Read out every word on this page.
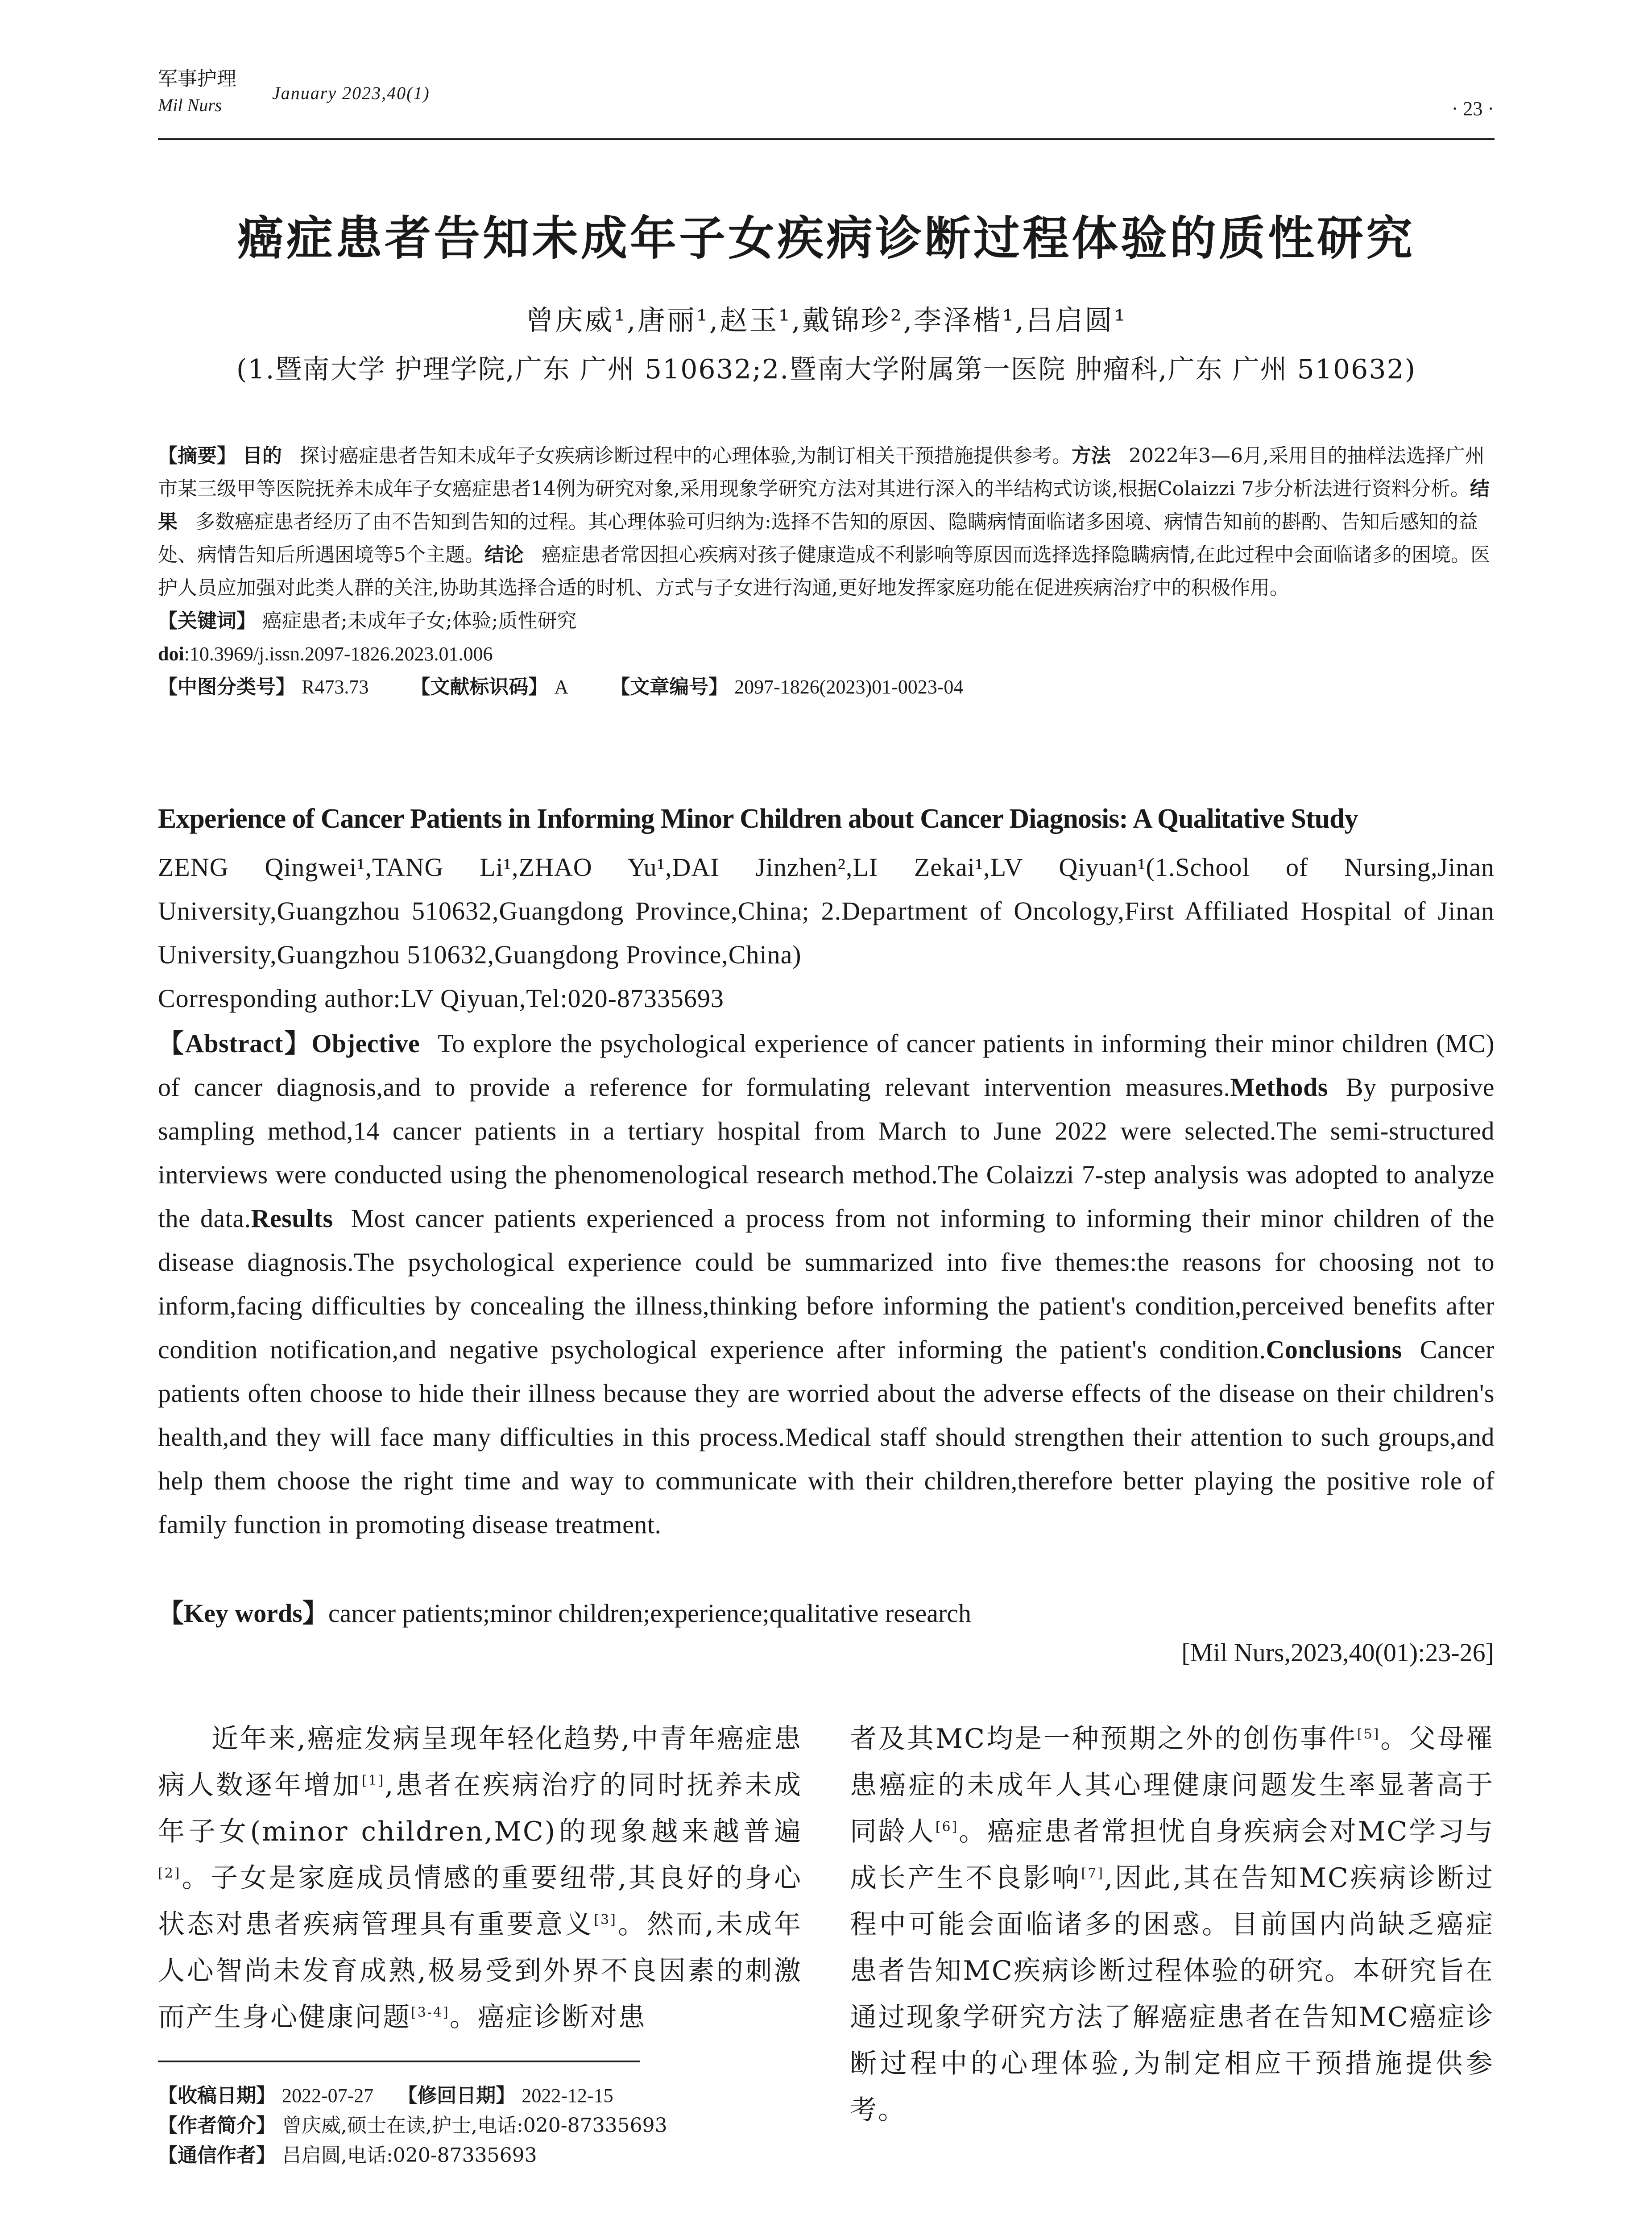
军事护理
Mil Nurs
January 2023,40(1)
· 23 ·
癌症患者告知未成年子女疾病诊断过程体验的质性研究
曾庆威¹,唐丽¹,赵玉¹,戴锦珍²,李泽楷¹,吕启圆¹
(1.暨南大学 护理学院,广东 广州 510632;2.暨南大学附属第一医院 肿瘤科,广东 广州 510632)
【摘要】 目的 探讨癌症患者告知未成年子女疾病诊断过程中的心理体验,为制订相关干预措施提供参考。方法 2022年3—6月,采用目的抽样法选择广州市某三级甲等医院抚养未成年子女癌症患者14例为研究对象,采用现象学研究方法对其进行深入的半结构式访谈,根据Colaizzi 7步分析法进行资料分析。结果 多数癌症患者经历了由不告知到告知的过程。其心理体验可归纳为:选择不告知的原因、隐瞒病情面临诸多困境、病情告知前的斟酌、告知后感知的益处、病情告知后所遇困境等5个主题。结论 癌症患者常因担心疾病对孩子健康造成不利影响等原因而选择选择隐瞒病情,在此过程中会面临诸多的困境。医护人员应加强对此类人群的关注,协助其选择合适的时机、方式与子女进行沟通,更好地发挥家庭功能在促进疾病治疗中的积极作用。
【关键词】 癌症患者;未成年子女;体验;质性研究
doi:10.3969/j.issn.2097-1826.2023.01.006
【中图分类号】 R473.73 【文献标识码】 A 【文章编号】 2097-1826(2023)01-0023-04
Experience of Cancer Patients in Informing Minor Children about Cancer Diagnosis: A Qualitative Study
ZENG Qingwei¹,TANG Li¹,ZHAO Yu¹,DAI Jinzhen²,LI Zekai¹,LV Qiyuan¹(1.School of Nursing,Jinan University,Guangzhou 510632,Guangdong Province,China; 2.Department of Oncology,First Affiliated Hospital of Jinan University,Guangzhou 510632,Guangdong Province,China)
Corresponding author:LV Qiyuan,Tel:020-87335693
【Abstract】Objective To explore the psychological experience of cancer patients in informing their minor children (MC) of cancer diagnosis,and to provide a reference for formulating relevant intervention measures.Methods By purposive sampling method,14 cancer patients in a tertiary hospital from March to June 2022 were selected.The semi-structured interviews were conducted using the phenomenological research method.The Colaizzi 7-step analysis was adopted to analyze the data.Results Most cancer patients experienced a process from not informing to informing their minor children of the disease diagnosis.The psychological experience could be summarized into five themes:the reasons for choosing not to inform,facing difficulties by concealing the illness,thinking before informing the patient's condition,perceived benefits after condition notification,and negative psychological experience after informing the patient's condition.Conclusions Cancer patients often choose to hide their illness because they are worried about the adverse effects of the disease on their children's health,and they will face many difficulties in this process.Medical staff should strengthen their attention to such groups,and help them choose the right time and way to communicate with their children,therefore better playing the positive role of family function in promoting disease treatment.
【Key words】cancer patients;minor children;experience;qualitative research
[Mil Nurs,2023,40(01):23-26]
近年来,癌症发病呈现年轻化趋势,中青年癌症患病人数逐年增加[1],患者在疾病治疗的同时抚养未成年子女(minor children,MC)的现象越来越普遍[2]。子女是家庭成员情感的重要纽带,其良好的身心状态对患者疾病管理具有重要意义[3]。然而,未成年人心智尚未发育成熟,极易受到外界不良因素的刺激而产生身心健康问题[3-4]。癌症诊断对患
者及其MC均是一种预期之外的创伤事件[5]。父母罹患癌症的未成年人其心理健康问题发生率显著高于同龄人[6]。癌症患者常担忧自身疾病会对MC学习与成长产生不良影响[7],因此,其在告知MC疾病诊断过程中可能会面临诸多的困惑。目前国内尚缺乏癌症患者告知MC疾病诊断过程体验的研究。本研究旨在通过现象学研究方法了解癌症患者在告知MC癌症诊断过程中的心理体验,为制定相应干预措施提供参考。
【收稿日期】 2022-07-27 【修回日期】 2022-12-15
【作者简介】 曾庆威,硕士在读,护士,电话:020-87335693
【通信作者】 吕启圆,电话:020-87335693
